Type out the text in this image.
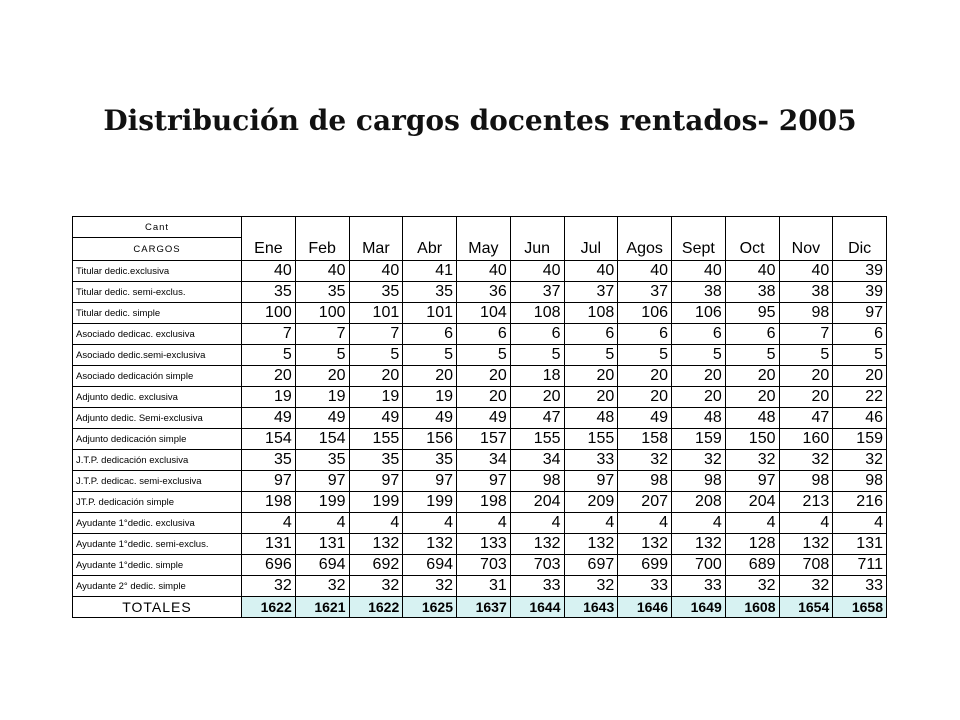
Distribución de cargos docentes rentados- 2005
Cant												
CARGOS	Ene	Feb	Mar	Abr	May	Jun	Jul	Agos	Sept	Oct	Nov	Dic
Titular dedic.exclusiva	40	40	40	41	40	40	40	40	40	40	40	39
Titular dedic. semi-exclus.	35	35	35	35	36	37	37	37	38	38	38	39
Titular dedic. simple	100	100	101	101	104	108	108	106	106	95	98	97
Asociado dedicac. exclusiva	7	7	7	6	6	6	6	6	6	6	7	6
Asociado dedic.semi-exclusiva	5	5	5	5	5	5	5	5	5	5	5	5
Asociado dedicación simple	20	20	20	20	20	18	20	20	20	20	20	20
Adjunto dedic. exclusiva	19	19	19	19	20	20	20	20	20	20	20	22
Adjunto dedic. Semi-exclusiva	49	49	49	49	49	47	48	49	48	48	47	46
Adjunto dedicación simple	154	154	155	156	157	155	155	158	159	150	160	159
J.T.P. dedicación exclusiva	35	35	35	35	34	34	33	32	32	32	32	32
J.T.P. dedicac. semi-exclusiva	97	97	97	97	97	98	97	98	98	97	98	98
JT.P. dedicación simple	198	199	199	199	198	204	209	207	208	204	213	216
Ayudante 1°dedic. exclusiva	4	4	4	4	4	4	4	4	4	4	4	4
Ayudante 1°dedic. semi-exclus.	131	131	132	132	133	132	132	132	132	128	132	131
Ayudante 1°dedic. simple	696	694	692	694	703	703	697	699	700	689	708	711
Ayudante 2° dedic. simple	32	32	32	32	31	33	32	33	33	32	32	33
TOTALES	1622	1621	1622	1625	1637	1644	1643	1646	1649	1608	1654	1658
